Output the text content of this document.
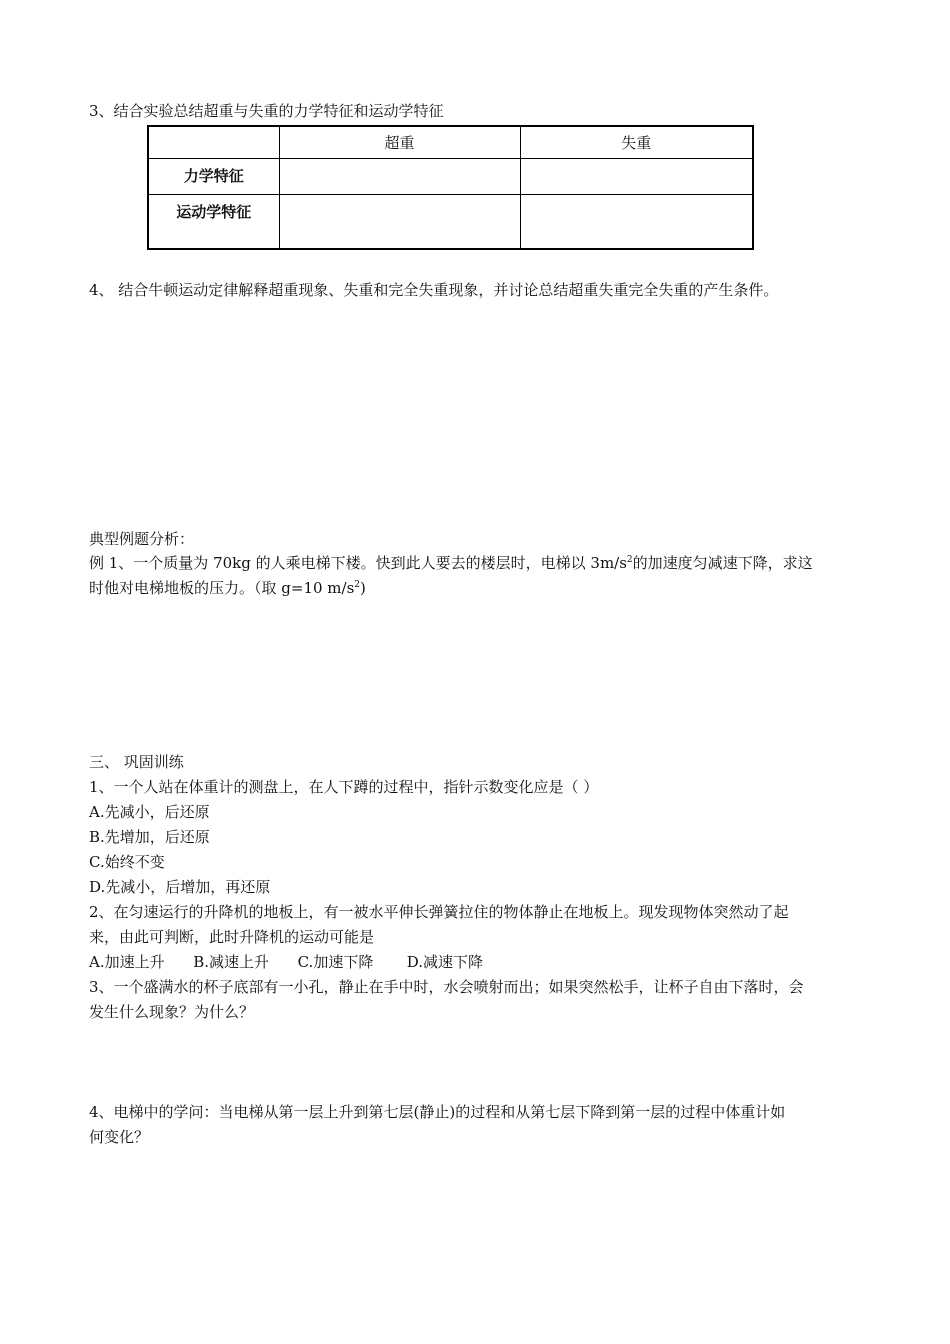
3、结合实验总结超重与失重的力学特征和运动学特征
	超重	失重
力学特征		
运动学特征		
4、 结合牛顿运动定律解释超重现象、失重和完全失重现象，并讨论总结超重失重完全失重的产生条件。
典型例题分析：
例 1、一个质量为 70kg 的人乘电梯下楼。快到此人要去的楼层时，电梯以 $3m/s^2$的加速度匀减速下降，求这
时他对电梯地板的压力。（取 g=10 $m/s^2$)
三、 巩固训练
1、一个人站在体重计的测盘上，在人下蹲的过程中，指针示数变化应是（ ）
A.先减小，后还原
B.先增加，后还原
C.始终不变
D.先减小，后增加，再还原
2、在匀速运行的升降机的地板上，有一被水平伸长弹簧拉住的物体静止在地板上。现发现物体突然动了起
来，由此可判断，此时升降机的运动可能是
A.加速上升      B.减速上升      C.加速下降       D.减速下降
3、一个盛满水的杯子底部有一小孔，静止在手中时，水会喷射而出；如果突然松手，让杯子自由下落时，会
发生什么现象？为什么？
4、电梯中的学问：当电梯从第一层上升到第七层(静止)的过程和从第七层下降到第一层的过程中体重计如
何变化？
